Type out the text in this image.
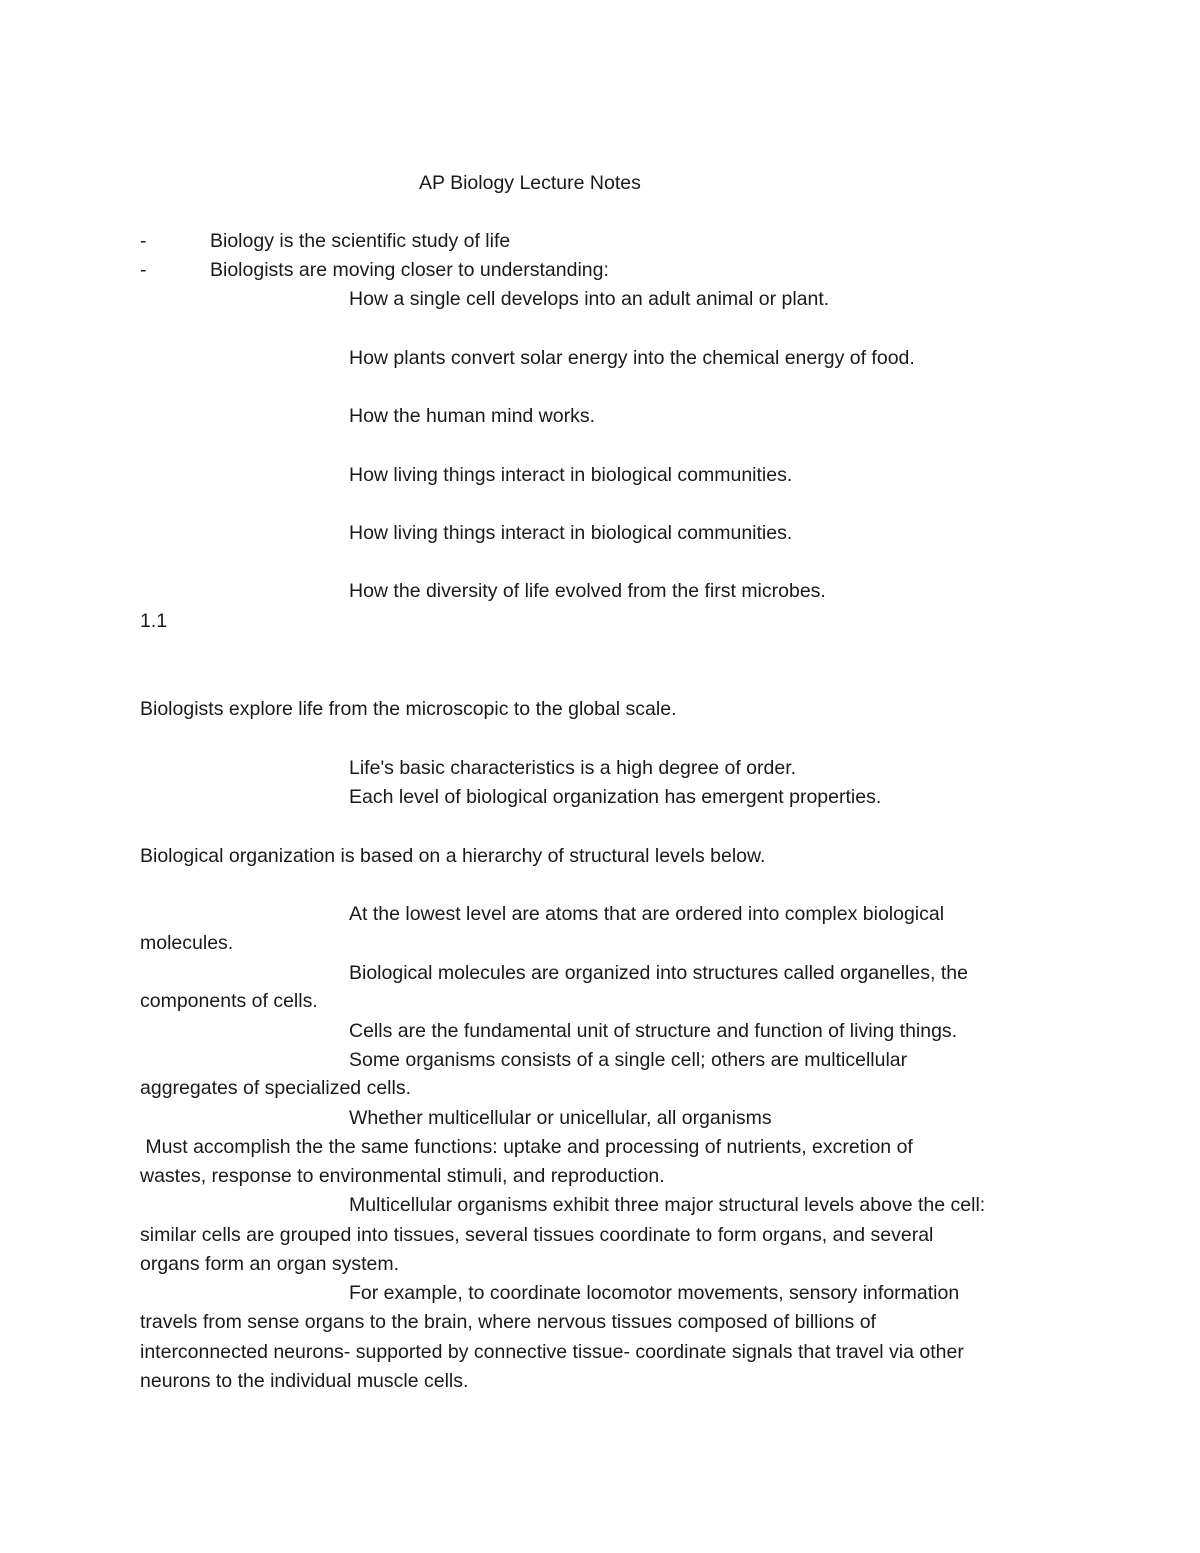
AP Biology Lecture Notes
-	Biology is the scientific study of life
-	Biologists are moving closer to understanding:
How a single cell develops into an adult animal or plant.
How plants convert solar energy into the chemical energy of food.
How the human mind works.
How living things interact in biological communities.
How living things interact in biological communities.
How the diversity of life evolved from the first microbes.
1.1
Biologists explore life from the microscopic to the global scale.
Life's basic characteristics is a high degree of order.
Each level of biological organization has emergent properties.
Biological organization is based on a hierarchy of structural levels below.
At the lowest level are atoms that are ordered into complex biological
molecules.
Biological molecules are organized into structures called organelles, the
components of cells.
Cells are the fundamental unit of structure and function of living things.
Some organisms consists of a single cell; others are multicellular
aggregates of specialized cells.
Whether multicellular or unicellular, all organisms
Must accomplish the the same functions: uptake and processing of nutrients, excretion of
wastes, response to environmental stimuli, and reproduction.
Multicellular organisms exhibit three major structural levels above the cell:
similar cells are grouped into tissues, several tissues coordinate to form organs, and several
organs form an organ system.
For example, to coordinate locomotor movements, sensory information
travels from sense organs to the brain, where nervous tissues composed of billions of
interconnected neurons- supported by connective tissue- coordinate signals that travel via other
neurons to the individual muscle cells.
